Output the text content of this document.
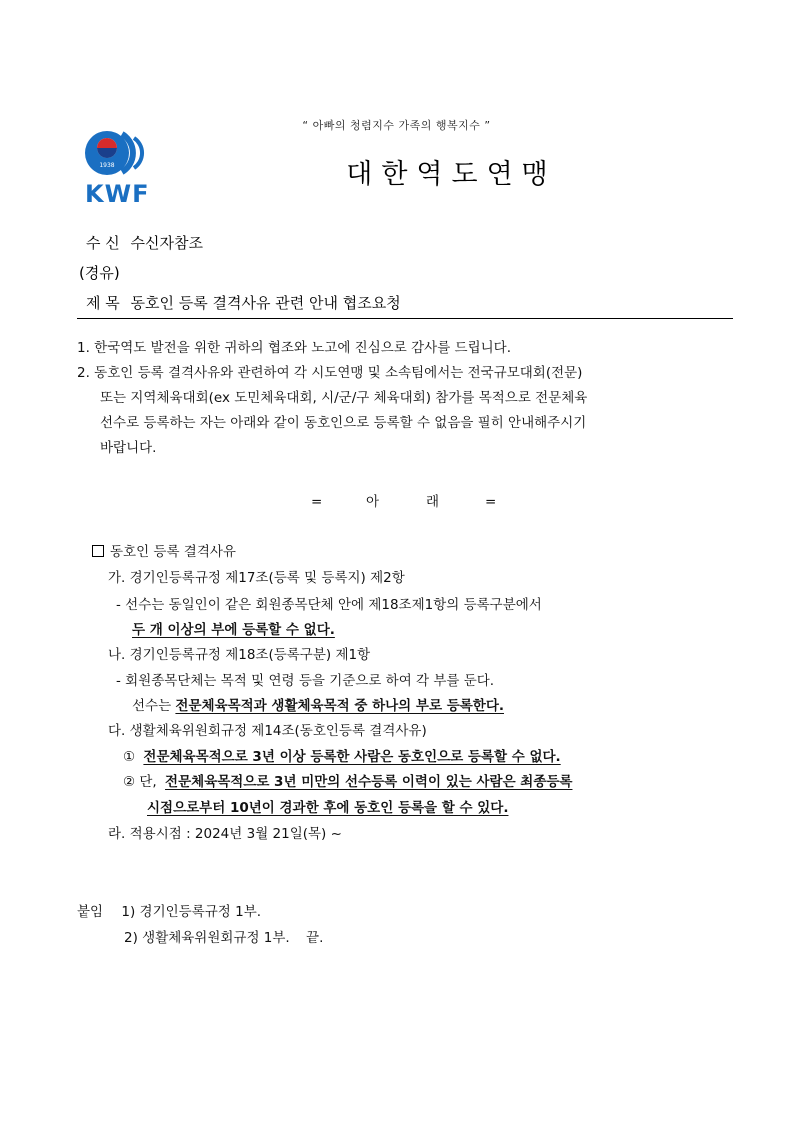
“ 아빠의 청렴지수 가족의 행복지수 ”
1938
KWF
대한역도연맹
수 신 수신자참조
(경유)
제 목 동호인 등록 결격사유 관련 안내 협조요청
1. 한국역도 발전을 위한 귀하의 협조와 노고에 진심으로 감사를 드립니다.
2. 동호인 등록 결격사유와 관련하여 각 시도연맹 및 소속팀에서는 전국규모대회(전문)
또는 지역체육대회(ex 도민체육대회, 시/군/구 체육대회) 참가를 목적으로 전문체육
선수로 등록하는 자는 아래와 같이 동호인으로 등록할 수 없음을 필히 안내해주시기
바랍니다.
=	아	래	=
동호인 등록 결격사유
가. 경기인등록규정 제17조(등록 및 등록지) 제2항
- 선수는 동일인이 같은 회원종목단체 안에 제18조제1항의 등록구분에서
두 개 이상의 부에 등록할 수 없다.
나. 경기인등록규정 제18조(등록구분) 제1항
- 회원종목단체는 목적 및 연령 등을 기준으로 하여 각 부를 둔다.
선수는 전문체육목적과 생활체육목적 중 하나의 부로 등록한다.
다. 생활체육위원회규정 제14조(동호인등록 결격사유)
① 전문체육목적으로 3년 이상 등록한 사람은 동호인으로 등록할 수 없다.
② 단, 전문체육목적으로 3년 미만의 선수등록 이력이 있는 사람은 최종등록
시점으로부터 10년이 경과한 후에 동호인 등록을 할 수 있다.
라. 적용시점 : 2024년 3월 21일(목) ~
붙임 1) 경기인등록규정 1부.
2) 생활체육위원회규정 1부. 끝.
